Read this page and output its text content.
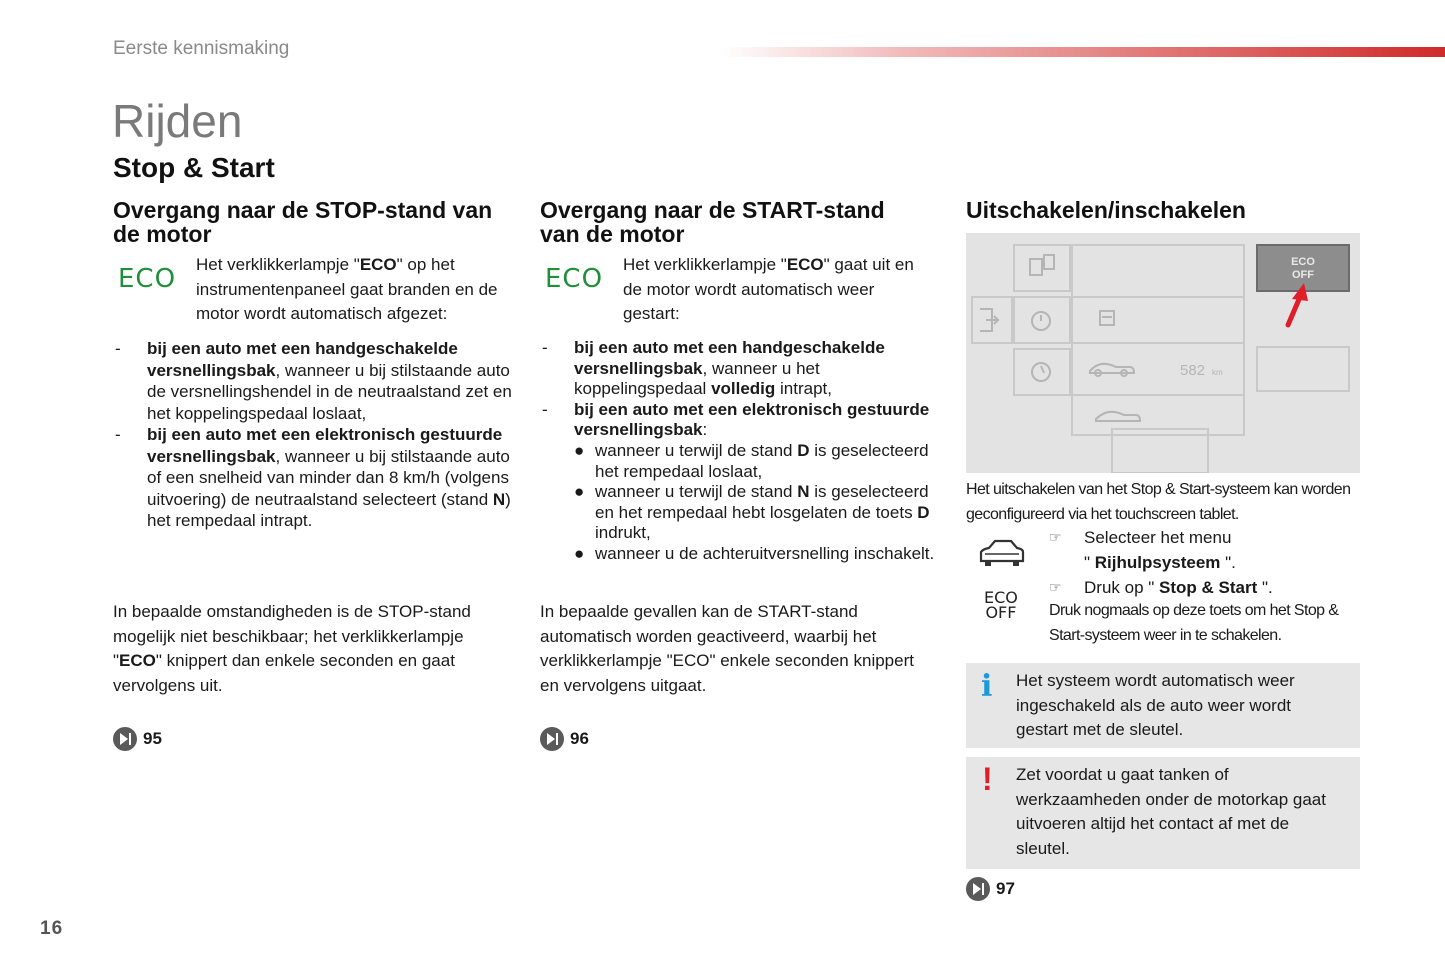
Eerste kennismaking
Rijden
Stop & Start
Overgang naar de STOP-stand van de motor
ECO Het verklikkerlampje "ECO" op het instrumentenpaneel gaat branden en de motor wordt automatisch afgezet:
- bij een auto met een handgeschakelde versnellingsbak, wanneer u bij stilstaande auto de versnellingshendel in de neutraalstand zet en het koppelingspedaal loslaat,
- bij een auto met een elektronisch gestuurde versnellingsbak, wanneer u bij stilstaande auto of een snelheid van minder dan 8 km/h (volgens uitvoering) de neutraalstand selecteert (stand N) het rempedaal intrapt.
In bepaalde omstandigheden is de STOP-stand mogelijk niet beschikbaar; het verklikkerlampje "ECO" knippert dan enkele seconden en gaat vervolgens uit.
95
Overgang naar de START-stand van de motor
ECO Het verklikkerlampje "ECO" gaat uit en de motor wordt automatisch weer gestart:
- bij een auto met een handgeschakelde versnellingsbak, wanneer u het koppelingspedaal volledig intrapt,
- bij een auto met een elektronisch gestuurde versnellingsbak:
● wanneer u terwijl de stand D is geselecteerd het rempedaal loslaat,
● wanneer u terwijl de stand N is geselecteerd en het rempedaal hebt losgelaten de toets D indrukt,
● wanneer u de achteruitversnelling inschakelt.
In bepaalde gevallen kan de START-stand automatisch worden geactiveerd, waarbij het verklikkerlampje "ECO" enkele seconden knippert en vervolgens uitgaat.
96
Uitschakelen/inschakelen
582 km
ECO
OFF
Het uitschakelen van het Stop & Start-systeem kan worden geconfigureerd via het touchscreen tablet.
☞ Selecteer het menu
" Rijhulpsysteem ".
☞ Druk op " Stop & Start ".
ECO
OFF Druk nogmaals op deze toets om het Stop & Start-systeem weer in te schakelen.
i Het systeem wordt automatisch weer ingeschakeld als de auto weer wordt gestart met de sleutel.
! Zet voordat u gaat tanken of werkzaamheden onder de motorkap gaat uitvoeren altijd het contact af met de sleutel.
97
16
